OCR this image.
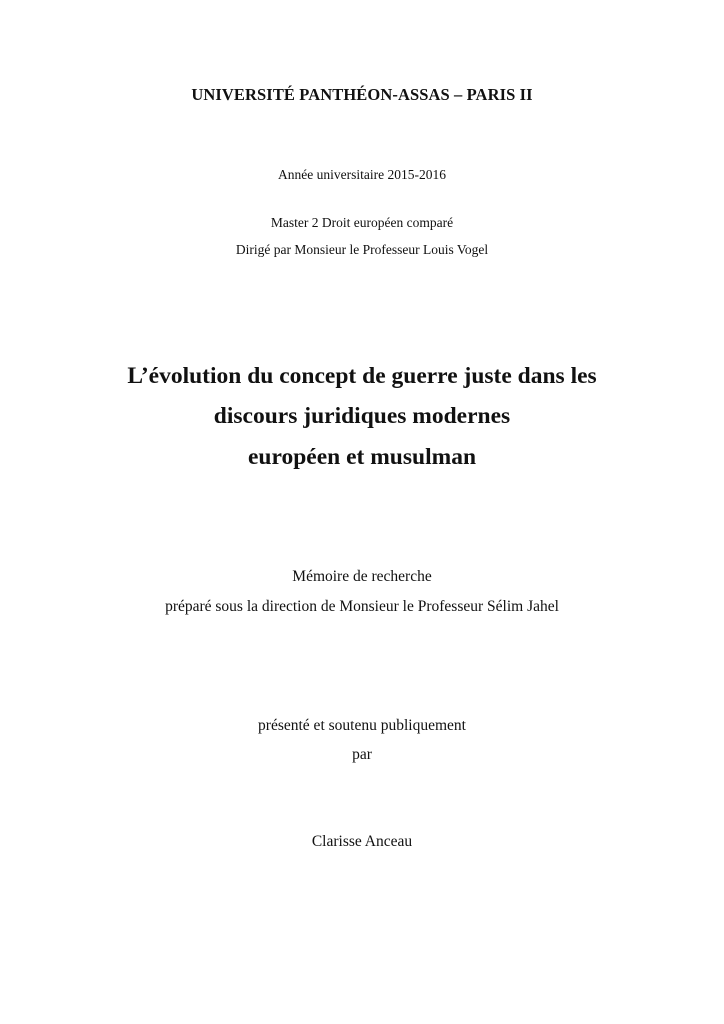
UNIVERSITÉ PANTHÉON-ASSAS – PARIS II
Année universitaire 2015-2016
Master 2 Droit européen comparé
Dirigé par Monsieur le Professeur Louis Vogel
L’évolution du concept de guerre juste dans les
discours juridiques modernes
européen et musulman
Mémoire de recherche
préparé sous la direction de Monsieur le Professeur Sélim Jahel
présenté et soutenu publiquement
par
Clarisse Anceau
